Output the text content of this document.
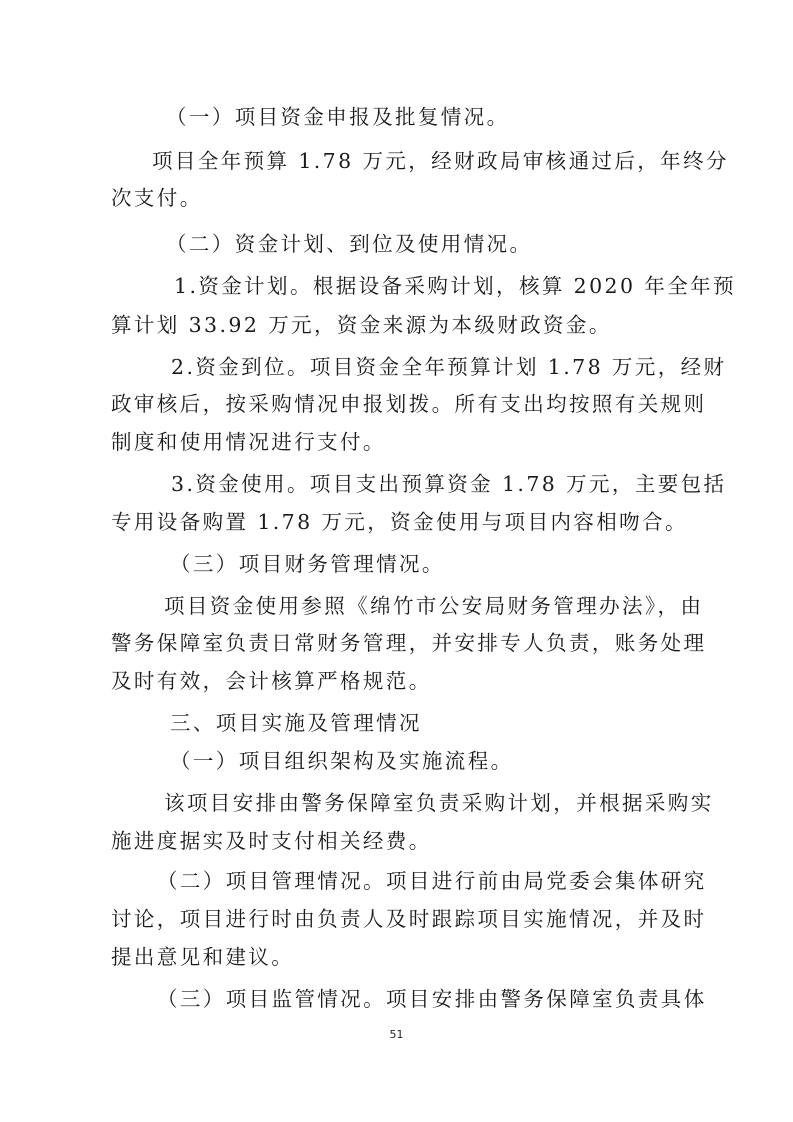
（一）项目资金申报及批复情况。
项目全年预算 1.78 万元，经财政局审核通过后，年终分
次支付。
（二）资金计划、到位及使用情况。
1.资金计划。根据设备采购计划，核算 2020 年全年预
算计划 33.92 万元，资金来源为本级财政资金。
2.资金到位。项目资金全年预算计划 1.78 万元，经财
政审核后，按采购情况申报划拨。所有支出均按照有关规则
制度和使用情况进行支付。
3.资金使用。项目支出预算资金 1.78 万元，主要包括
专用设备购置 1.78 万元，资金使用与项目内容相吻合。
（三）项目财务管理情况。
项目资金使用参照《绵竹市公安局财务管理办法》，由
警务保障室负责日常财务管理，并安排专人负责，账务处理
及时有效，会计核算严格规范。
三、项目实施及管理情况
（一）项目组织架构及实施流程。
该项目安排由警务保障室负责采购计划，并根据采购实
施进度据实及时支付相关经费。
（二）项目管理情况。项目进行前由局党委会集体研究
讨论，项目进行时由负责人及时跟踪项目实施情况，并及时
提出意见和建议。
（三）项目监管情况。项目安排由警务保障室负责具体
51
